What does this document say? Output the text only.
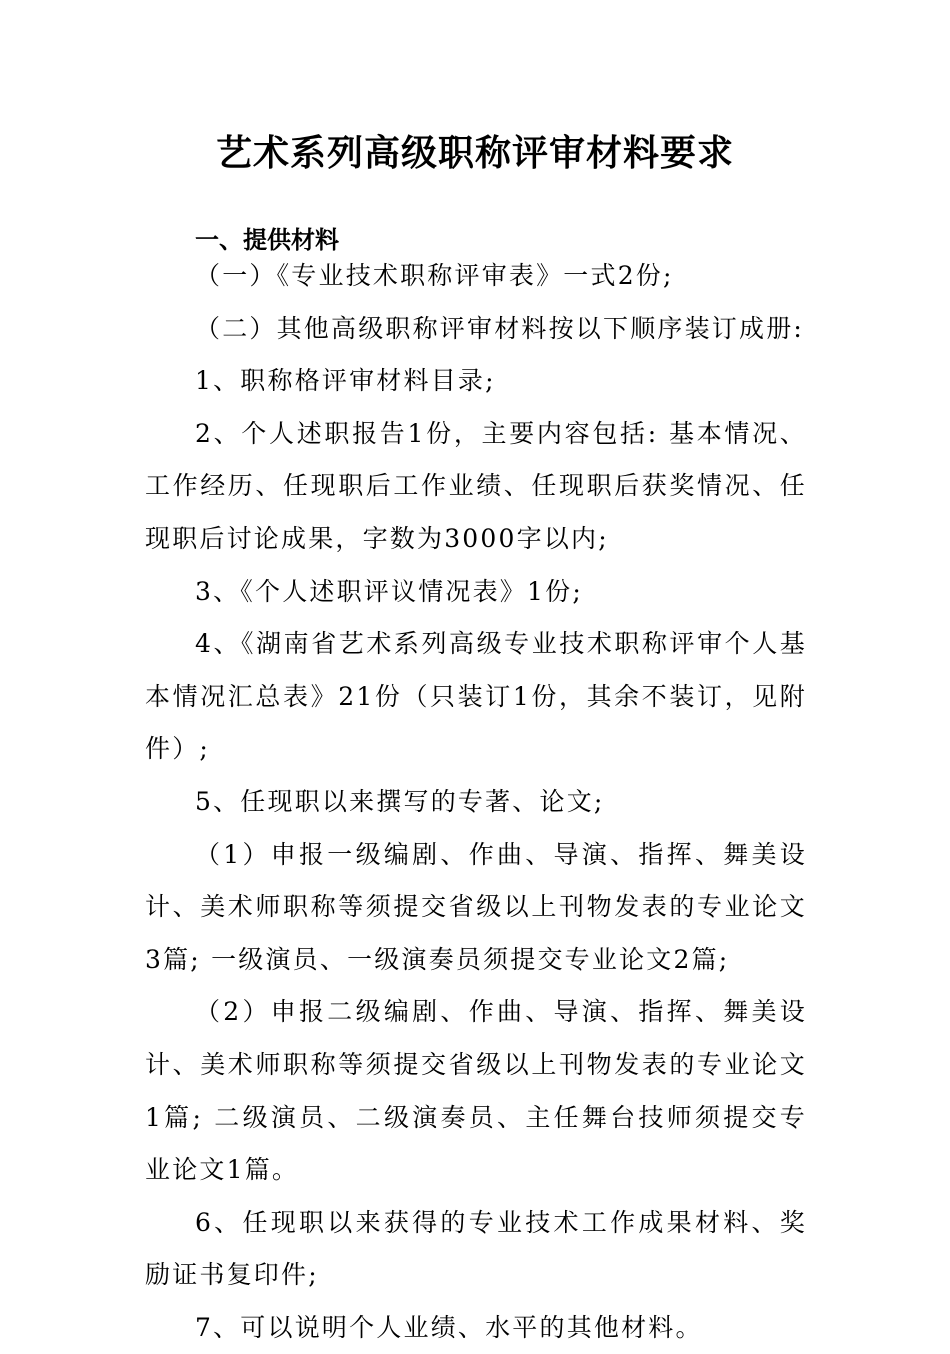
艺术系列高级职称评审材料要求
一、提供材料

（一）《专业技术职称评审表》一式2份;

（二）其他高级职称评审材料按以下顺序装订成册:

1、职称格评审材料目录;

2、个人述职报告1份，主要内容包括: 基本情况、工作经历、任现职后工作业绩、任现职后获奖情况、任现职后讨论成果，字数为3000字以内;

3、《个人述职评议情况表》1份;

4、《湖南省艺术系列高级专业技术职称评审个人基本情况汇总表》21份（只装订1份，其余不装订，见附件）;

5、任现职以来撰写的专著、论文;

（1）申报一级编剧、作曲、导演、指挥、舞美设计、美术师职称等须提交省级以上刊物发表的专业论文3篇; 一级演员、一级演奏员须提交专业论文2篇;

（2）申报二级编剧、作曲、导演、指挥、舞美设计、美术师职称等须提交省级以上刊物发表的专业论文1篇; 二级演员、二级演奏员、主任舞台技师须提交专业论文1篇。

6、任现职以来获得的专业技术工作成果材料、奖励证书复印件;

7、可以说明个人业绩、水平的其他材料。
